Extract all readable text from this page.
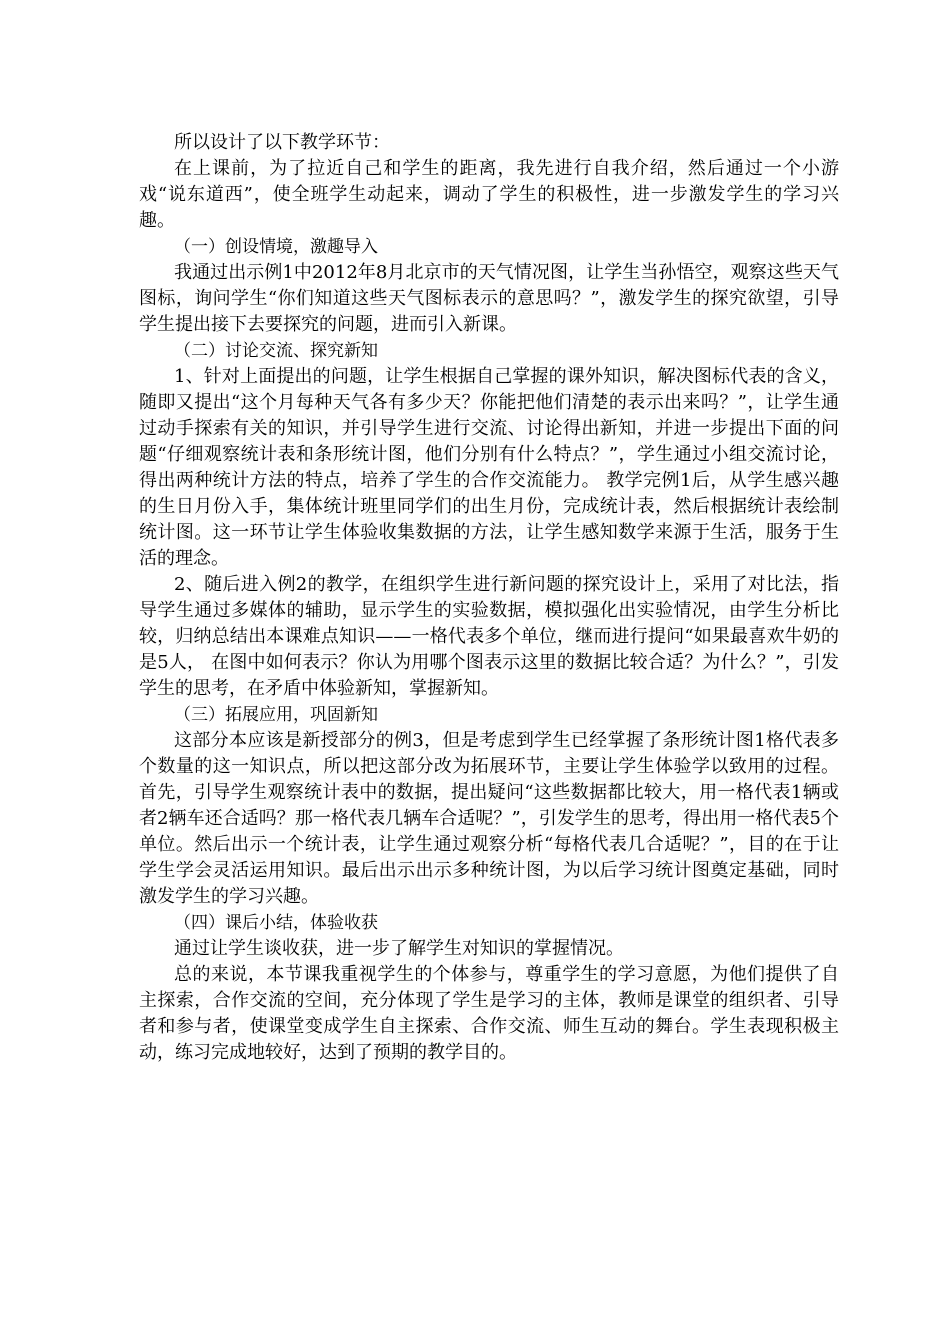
所以设计了以下教学环节：

在上课前，为了拉近自己和学生的距离，我先进行自我介绍，然后通过一个小游戏“说东道西”，使全班学生动起来，调动了学生的积极性，进一步激发学生的学习兴趣。

（一）创设情境，激趣导入

我通过出示例1中2012年8月北京市的天气情况图，让学生当孙悟空，观察这些天气图标，询问学生“你们知道这些天气图标表示的意思吗？”，激发学生的探究欲望，引导学生提出接下去要探究的问题，进而引入新课。

（二）讨论交流、探究新知

1、针对上面提出的问题，让学生根据自己掌握的课外知识，解决图标代表的含义，随即又提出“这个月每种天气各有多少天？你能把他们清楚的表示出来吗？”，让学生通过动手探索有关的知识，并引导学生进行交流、讨论得出新知，并进一步提出下面的问题“仔细观察统计表和条形统计图，他们分别有什么特点？”，学生通过小组交流讨论，得出两种统计方法的特点，培养了学生的合作交流能力。 教学完例1后，从学生感兴趣的生日月份入手，集体统计班里同学们的出生月份，完成统计表，然后根据统计表绘制统计图。这一环节让学生体验收集数据的方法，让学生感知数学来源于生活，服务于生活的理念。

2、随后进入例2的教学，在组织学生进行新问题的探究设计上，采用了对比法，指导学生通过多媒体的辅助，显示学生的实验数据，模拟强化出实验情况，由学生分析比较，归纳总结出本课难点知识——一格代表多个单位，继而进行提问“如果最喜欢牛奶的是5人， 在图中如何表示？你认为用哪个图表示这里的数据比较合适？为什么？”，引发学生的思考，在矛盾中体验新知，掌握新知。

（三）拓展应用，巩固新知

这部分本应该是新授部分的例3，但是考虑到学生已经掌握了条形统计图1格代表多个数量的这一知识点，所以把这部分改为拓展环节，主要让学生体验学以致用的过程。首先，引导学生观察统计表中的数据，提出疑问“这些数据都比较大，用一格代表1辆或者2辆车还合适吗？那一格代表几辆车合适呢？”，引发学生的思考，得出用一格代表5个单位。然后出示一个统计表，让学生通过观察分析“每格代表几合适呢？”，目的在于让学生学会灵活运用知识。最后出示出示多种统计图，为以后学习统计图奠定基础，同时激发学生的学习兴趣。

（四）课后小结，体验收获

通过让学生谈收获，进一步了解学生对知识的掌握情况。

总的来说，本节课我重视学生的个体参与，尊重学生的学习意愿，为他们提供了自主探索，合作交流的空间，充分体现了学生是学习的主体，教师是课堂的组织者、引导者和参与者，使课堂变成学生自主探索、合作交流、师生互动的舞台。学生表现积极主动，练习完成地较好，达到了预期的教学目的。
